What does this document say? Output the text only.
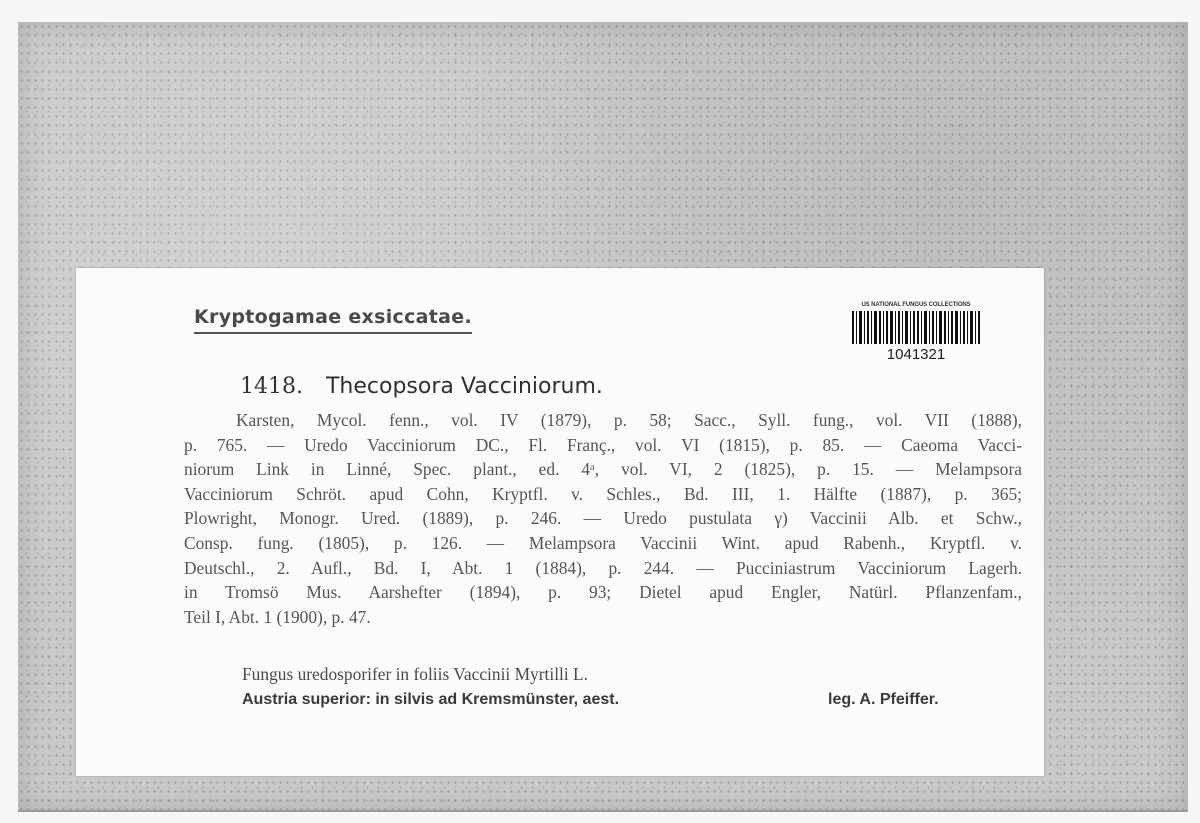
Kryptogamae exsiccatae.
US NATIONAL FUNGUS COLLECTIONS
1041321
1418. Thecopsora Vacciniorum.
Karsten, Mycol. fenn., vol. IV (1879), p. 58; Sacc., Syll. fung., vol. VII (1888),
p. 765. — Uredo Vacciniorum DC., Fl. Franç., vol. VI (1815), p. 85. — Caeoma Vacci-
niorum Link in Linné, Spec. plant., ed. 4ᵃ, vol. VI, 2 (1825), p. 15. — Melampsora
Vacciniorum Schröt. apud Cohn, Kryptfl. v. Schles., Bd. III, 1. Hälfte (1887), p. 365;
Plowright, Monogr. Ured. (1889), p. 246. — Uredo pustulata γ) Vaccinii Alb. et Schw.,
Consp. fung. (1805), p. 126. — Melampsora Vaccinii Wint. apud Rabenh., Kryptfl. v.
Deutschl., 2. Aufl., Bd. I, Abt. 1 (1884), p. 244. — Pucciniastrum Vacciniorum Lagerh.
in Tromsö Mus. Aarshefter (1894), p. 93; Dietel apud Engler, Natürl. Pflanzenfam.,
Teil I, Abt. 1 (1900), p. 47.
Fungus uredosporifer in foliis Vaccinii Myrtilli L.
Austria superior: in silvis ad Kremsmünster, aest.	leg. A. Pfeiffer.
